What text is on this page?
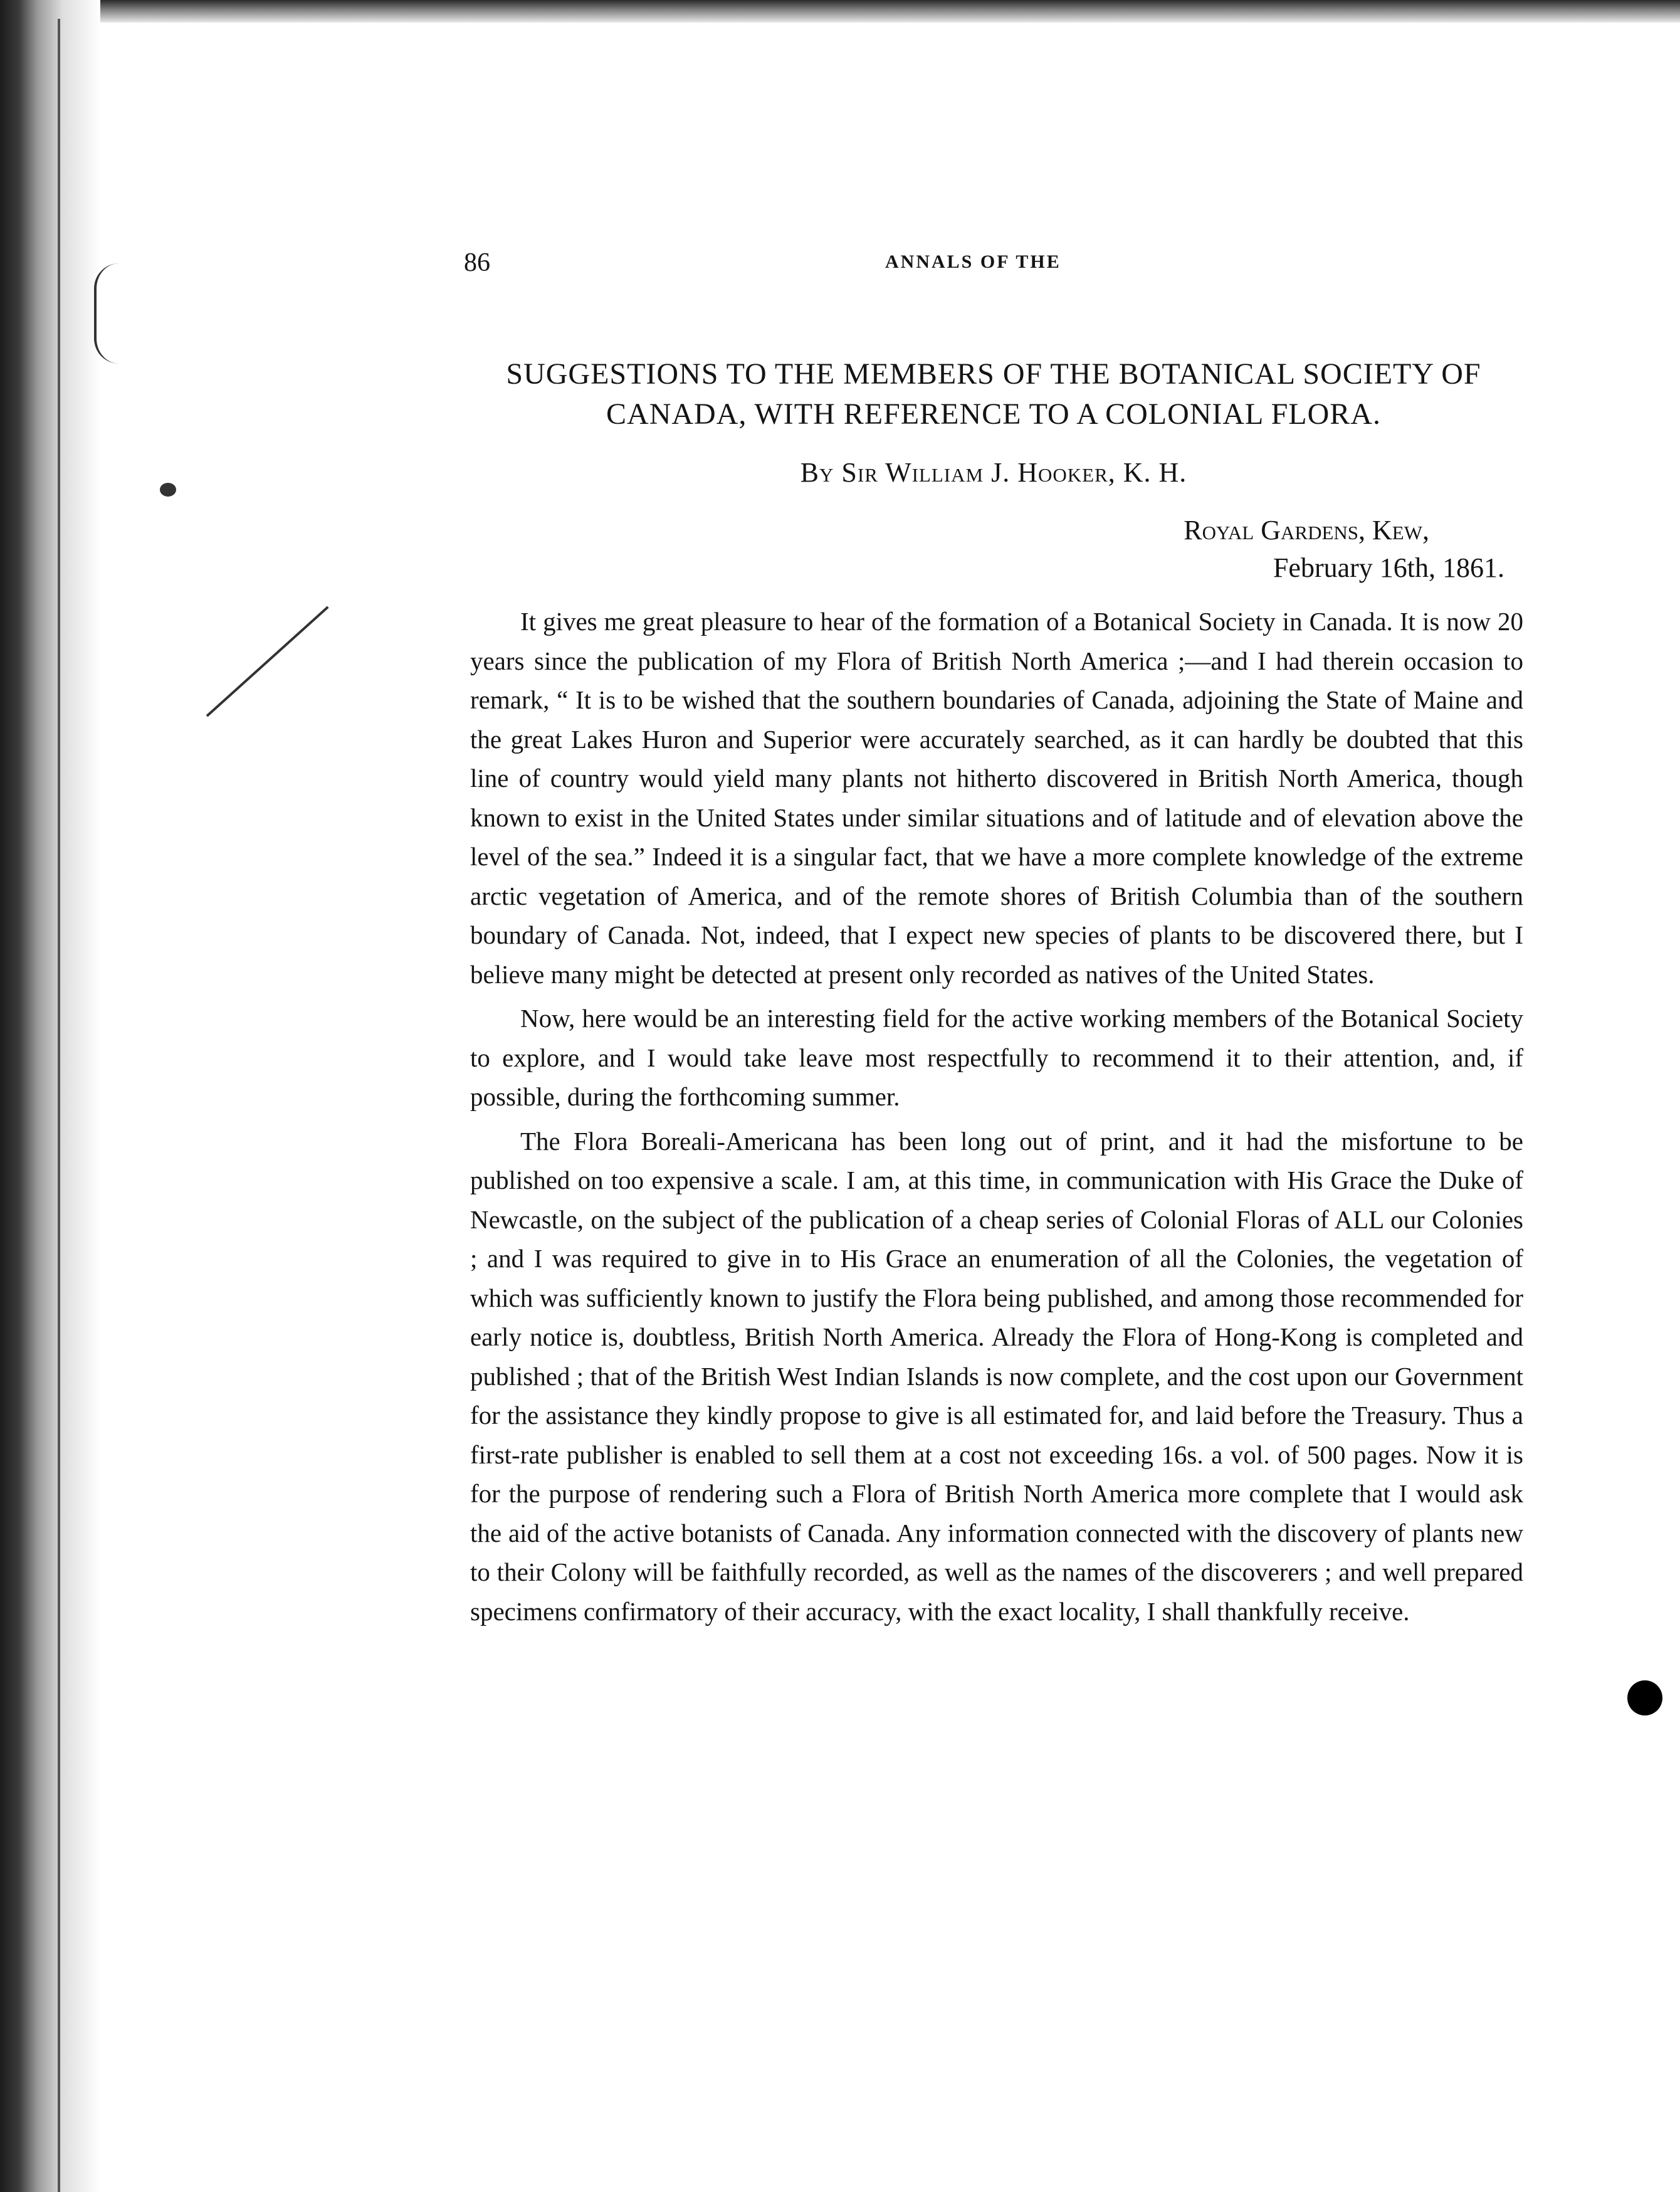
86	ANNALS OF THE
SUGGESTIONS TO THE MEMBERS OF THE BOTANICAL SOCIETY OF
CANADA, WITH REFERENCE TO A COLONIAL FLORA.
By Sir William J. Hooker, K. H.
Royal Gardens, Kew,
February 16th, 1861.

It gives me great pleasure to hear of the formation of a Botanical Society in Canada. It is now 20 years since the publication of my Flora of British North America ;—and I had therein occasion to remark, “ It is to be wished that the southern boundaries of Canada, adjoining the State of Maine and the great Lakes Huron and Superior were accurately searched, as it can hardly be doubted that this line of country would yield many plants not hitherto discovered in British North America, though known to exist in the United States under similar situations and of latitude and of elevation above the level of the sea.” Indeed it is a singular fact, that we have a more complete knowledge of the extreme arctic vegetation of America, and of the remote shores of British Columbia than of the southern boundary of Canada. Not, indeed, that I expect new species of plants to be discovered there, but I believe many might be detected at present only recorded as natives of the United States.

Now, here would be an interesting field for the active working members of the Botanical Society to explore, and I would take leave most respectfully to recommend it to their attention, and, if possible, during the forthcoming summer.

The Flora Boreali-Americana has been long out of print, and it had the misfortune to be published on too expensive a scale. I am, at this time, in communication with His Grace the Duke of Newcastle, on the subject of the publication of a cheap series of Colonial Floras of ALL our Colonies ; and I was required to give in to His Grace an enumeration of all the Colonies, the vegetation of which was sufficiently known to justify the Flora being published, and among those recommended for early notice is, doubtless, British North America. Already the Flora of Hong-Kong is completed and published ; that of the British West Indian Islands is now complete, and the cost upon our Government for the assistance they kindly propose to give is all estimated for, and laid before the Treasury. Thus a first-rate publisher is enabled to sell them at a cost not exceeding 16s. a vol. of 500 pages. Now it is for the purpose of rendering such a Flora of British North America more complete that I would ask the aid of the active botanists of Canada. Any information connected with the discovery of plants new to their Colony will be faithfully recorded, as well as the names of the discoverers ; and well prepared specimens confirmatory of their accuracy, with the exact locality, I shall thankfully receive.
